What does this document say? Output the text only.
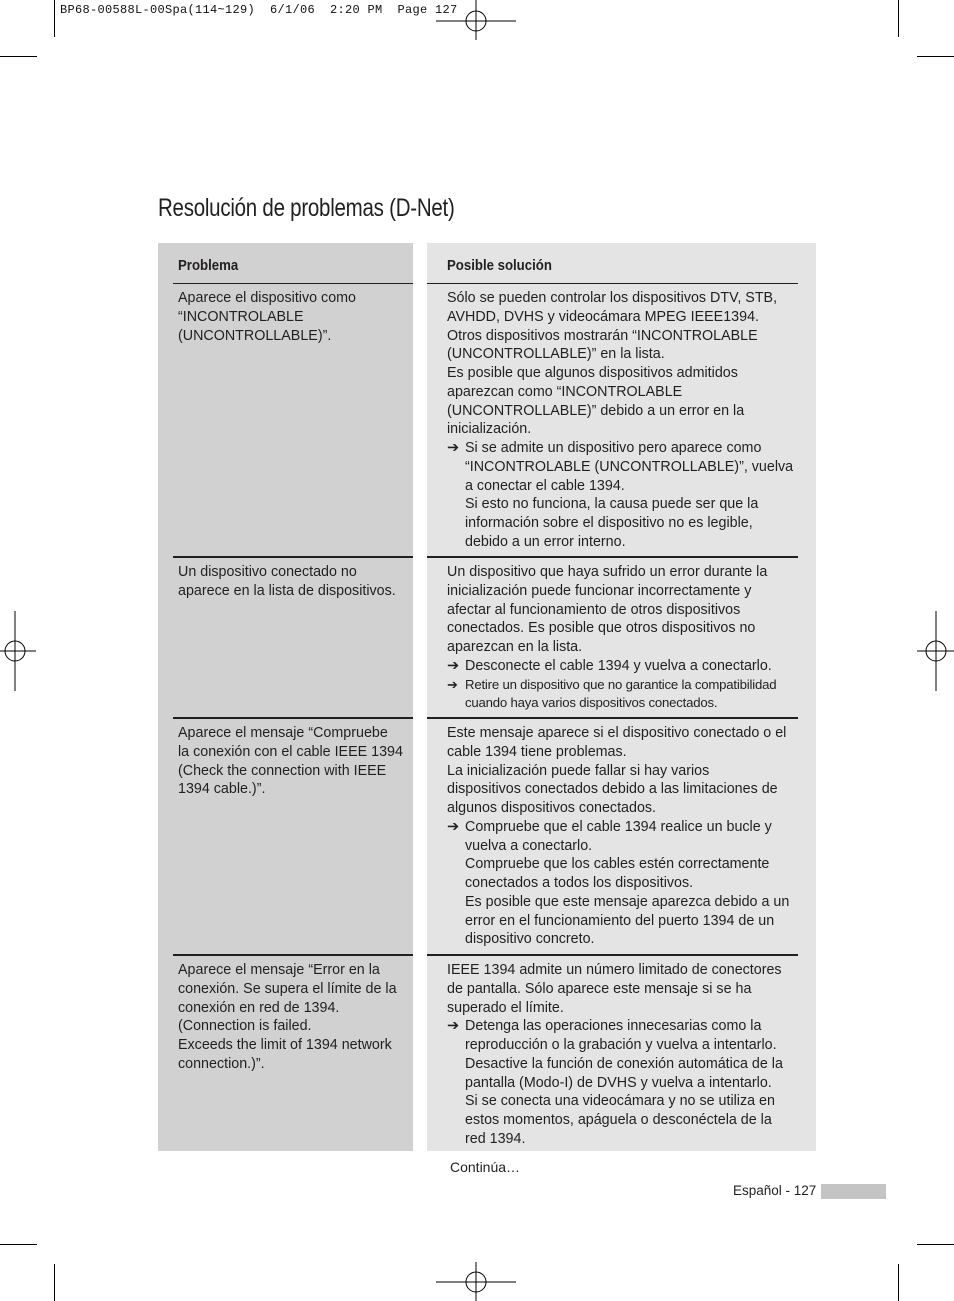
BP68-00588L-00Spa(114~129)  6/1/06  2:20 PM  Page 127
Resolución de problemas (D-Net)
Problema	Posible solución

Aparece el dispositivo como

“INCONTROLABLE

(UNCONTROLLABLE)”.

Sólo se pueden controlar los dispositivos DTV, STB,

AVHDD, DVHS y videocámara MPEG IEEE1394.

Otros dispositivos mostrarán “INCONTROLABLE

(UNCONTROLLABLE)” en la lista.

Es posible que algunos dispositivos admitidos

aparezcan como “INCONTROLABLE

(UNCONTROLLABLE)” debido a un error en la

inicialización.

➔ Si se admite un dispositivo pero aparece como

“INCONTROLABLE (UNCONTROLLABLE)”, vuelva

a conectar el cable 1394.

Si esto no funciona, la causa puede ser que la

información sobre el dispositivo no es legible,

debido a un error interno.

Un dispositivo conectado no

aparece en la lista de dispositivos.

Un dispositivo que haya sufrido un error durante la

inicialización puede funcionar incorrectamente y

afectar al funcionamiento de otros dispositivos

conectados. Es posible que otros dispositivos no

aparezcan en la lista.

➔ Desconecte el cable 1394 y vuelva a conectarlo.

➔ Retire un dispositivo que no garantice la compatibilidad

cuando haya varios dispositivos conectados.

Aparece el mensaje “Compruebe

la conexión con el cable IEEE 1394

(Check the connection with IEEE

1394 cable.)”.

Este mensaje aparece si el dispositivo conectado o el

cable 1394 tiene problemas.

La inicialización puede fallar si hay varios

dispositivos conectados debido a las limitaciones de

algunos dispositivos conectados.

➔ Compruebe que el cable 1394 realice un bucle y

vuelva a conectarlo.

Compruebe que los cables estén correctamente

conectados a todos los dispositivos.

Es posible que este mensaje aparezca debido a un

error en el funcionamiento del puerto 1394 de un

dispositivo concreto.

Aparece el mensaje “Error en la

conexión. Se supera el límite de la

conexión en red de 1394.

(Connection is failed.

Exceeds the limit of 1394 network

connection.)”.

IEEE 1394 admite un número limitado de conectores

de pantalla. Sólo aparece este mensaje si se ha

superado el límite.

➔ Detenga las operaciones innecesarias como la

reproducción o la grabación y vuelva a intentarlo.

Desactive la función de conexión automática de la

pantalla (Modo-I) de DVHS y vuelva a intentarlo.

Si se conecta una videocámara y no se utiliza en

estos momentos, apáguela o desconéctela de la

red 1394.

Continúa…
Español - 127
